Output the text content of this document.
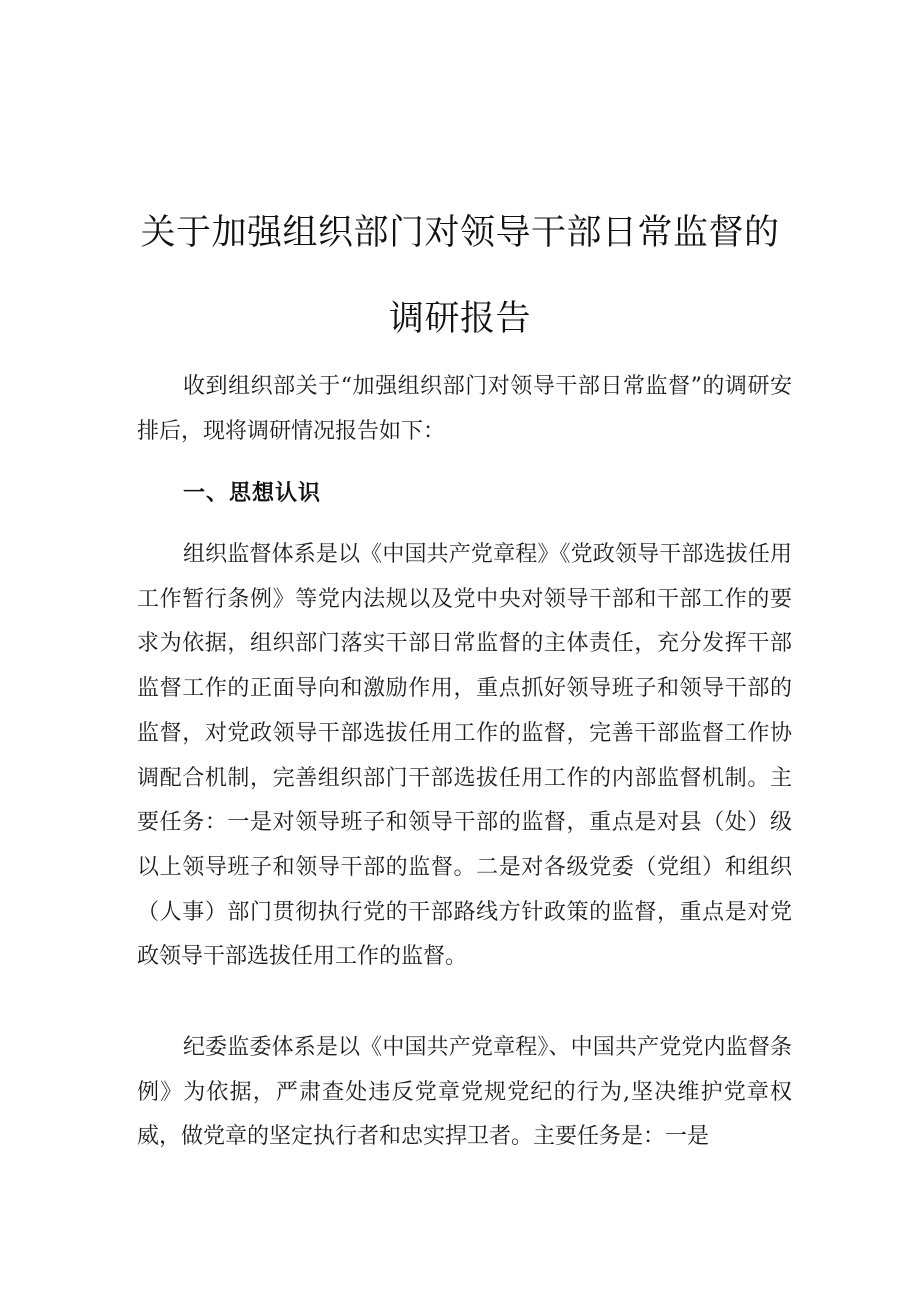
关于加强组织部门对领导干部日常监督的
调研报告

收到组织部关于“加强组织部门对领导干部日常监督”的调研安排后，现将调研情况报告如下：

一、思想认识

组织监督体系是以《中国共产党章程》《党政领导干部选拔任用工作暂行条例》等党内法规以及党中央对领导干部和干部工作的要求为依据，组织部门落实干部日常监督的主体责任，充分发挥干部监督工作的正面导向和激励作用，重点抓好领导班子和领导干部的监督，对党政领导干部选拔任用工作的监督，完善干部监督工作协调配合机制，完善组织部门干部选拔任用工作的内部监督机制。主要任务：一是对领导班子和领导干部的监督，重点是对县（处）级以上领导班子和领导干部的监督。二是对各级党委（党组）和组织（人事）部门贯彻执行党的干部路线方针政策的监督，重点是对党政领导干部选拔任用工作的监督。

纪委监委体系是以《中国共产党章程》、中国共产党党内监督条例》为依据，严肃查处违反党章党规党纪的行为,坚决维护党章权威，做党章的坚定执行者和忠实捍卫者。主要任务是：一是
